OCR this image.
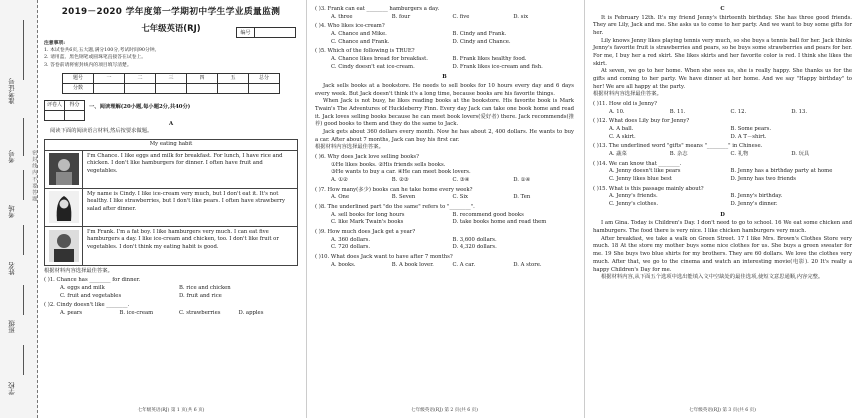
准考证号
考号
考场
姓名
班级
学校
密 封 线 内 不 要 答 题
2019－2020 学年度第一学期初中学生学业质量监测
七年级英语(RJ)
编号
注意事项:
1. 本试卷共6页,五大题,满分100分,考试时间90分钟。
2. 请用蓝、黑色钢笔或圆珠笔直接答在试卷上。
3. 答卷前请将密封线内的项目填写清楚。
题号	一	二	三	四	五	总分
分数						
评卷人	得分
	一、阅读理解(20小题,每小题2分,共40分)
A
阅读下面的阅读语言材料,然后按要求做题。
My eating habit
I'm Chance. I like eggs and milk for breakfast. For lunch, I have rice and chicken. I don't like hamburgers for dinner. I often have fruit and vegetables.
My name is Cindy. I like ice-cream very much, but I don't eat it. It's not healthy. I like strawberries, but I don't like pears. I often have strawberry salad after dinner.
I'm Frank. I'm a fat boy. I like hamburgers very much. I can eat five hamburgers a day. I like ice-cream and chicken, too. I don't like fruit or vegetables. I don't think my eating habit is good.
根据材料内容选择最佳答案。
( )1. Chance has ________ for dinner.
A. eggs and milk	B. rice and chicken
C. fruit and vegetables	D. fruit and rice
( )2. Cindy doesn't like ________.
A. pears	B. ice-cream	C. strawberries	D. apples
七年级英语(RJ) 第 1 页(共 6 页)
( )3. Frank can eat ________ hamburgers a day.
A. three	B. four	C. five	D. six
( )4. Who likes ice-cream?
A. Chance and Mike.	B. Cindy and Frank.
C. Chance and Frank.	D. Cindy and Chance.
( )5. Which of the following is TRUE?
A. Chance likes bread for breakfast.	B. Frank likes healthy food.
C. Cindy doesn't eat ice-cream.	D. Frank likes ice-cream and fish.
B

Jack sells books at a bookstore. He needs to sell books for 10 hours every day and 6 days every week. But Jack doesn't think it's a long time, because books are his favorite things.

When Jack is not busy, he likes reading books at the bookstore. His favorite book is Mark Twain's The Adventures of Huckleberry Finn. Every day Jack can take one book home and read it. Jack loves selling books because he can meet book lovers(爱好者) there. Jack recommends(推荐) good books to them and they do the same to Jack.

Jack gets about 360 dollars every month. Now he has about 2, 400 dollars. He wants to buy a car. After about 7 months, Jack can buy his first car.

根据材料内容选择最佳答案。
( )6. Why does Jack love selling books?
①He likes books. ②His friends sells books.
③He wants to buy a car. ④He can meet book lovers.
A. ①②	B. ②③	C. ③④	D. ①④
( )7. How many(多少) books can he take home every week?
A. One	B. Seven	C. Six	D. Ten
( )8. The underlined part "do the same" refers to "________".
A. sell books for long hours	B. recommend good books
C. like Mark Twain's books	D. take books home and read them
( )9. How much does Jack get a year?
A. 360 dollars.	B. 3,600 dollars.
C. 720 dollars.	D. 4,320 dollars.
( )10. What does Jack want to have after 7 months?
A. books.	B. A book lover.	C. A car.	D. A store.
七年级英语(RJ) 第 2 页(共 6 页)
C

It is February 12th. It's my friend Jenny's thirteenth birthday. She has three good friends. They are Lily, Jack and me. She asks us to come to her party. And we want to buy some gifts for her.

Lily knows Jenny likes playing tennis very much, so she buys a tennis ball for her. Jack thinks Jenny's favorite fruit is strawberries and pears, so he buys some strawberries and pears for her. For me, I buy her a red skirt. She likes skirts and her favorite color is red. I think she likes the skirt.

At seven, we go to her home. When she sees us, she is really happy. She thanks us for the gifts and coming to her party. We have dinner at her home. And we say "Happy birthday" to her! We are all happy at the party.

根据材料内容选择最佳答案。
( )11. How old is Jenny?
A. 10.	B. 11.	C. 12.	D. 13.
( )12. What does Lily buy for Jenny?
A. A ball.	B. Some pears.
C. A skirt.	D. A T－shirt.
( )13. The underlined word "gifts" means "________" in Chinese.
A. 蔬菜	B. 杂志	C. 礼物	D. 玩具
( )14. We can know that ________.
A. Jenny doesn't like pears	B. Jenny has a birthday party at home
C. Jenny likes blue best	D. Jenny has two friends
( )15. What is this passage mainly about?
A. Jenny's friends.	B. Jenny's birthday.
C. Jenny's clothes.	D. Jenny's dinner.
D

I am Gina. Today is Children's Day. I don't need to go to school. 16 We eat some chicken and hamburgers. The food there is very nice. I like chicken hamburgers very much.

After breakfast, we take a walk on Green Street. 17 I like Mrs. Brown's Clothes Store very much. 18 At the store my mother buys some nice clothes for us. She buys a green sweater for me. 19 She buys two blue shirts for my brothers. They are 60 dollars. We love the clothes very much. After that, we go to the cinema and watch an interesting movie(电影). 20 It's really a happy Children's Day for me.

根据材料内容,从下面五个选项中选出能填入文中空缺处的最佳选项,使短文意思通顺,内容完整。

七年级英语(RJ) 第 3 页(共 6 页)
